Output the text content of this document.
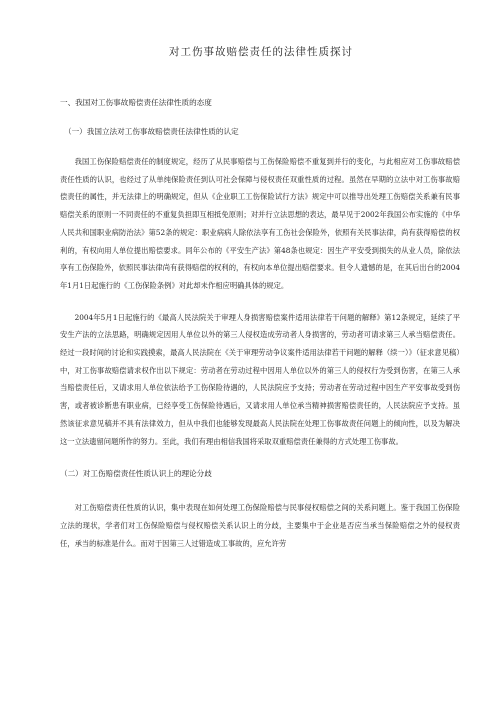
对工伤事故赔偿责任的法律性质探讨

一、我国对工伤事故赔偿责任法律性质的态度

（一）我国立法对工伤事故赔偿责任法律性质的认定

我国工伤保险赔偿责任的制度规定，经历了从民事赔偿与工伤保险赔偿不重复到并行的变化，与此相应对工伤事故赔偿责任性质的认识，也经过了从单纯保险责任到认可社会保障与侵权责任双重性质的过程。虽然在早期的立法中对工伤事故赔偿责任的属性，并无法律上的明确规定，但从《企业职工工伤保险试行方法》规定中可以推导出处理工伤赔偿关系兼有民事赔偿关系的原则一不同责任的不重复负担即互相抵免原则；对并行立法思想的表达，最早见于2002年我国公布实施的《中华人民共和国职业病防治法》第52条的规定：职业病病人除依法享有工伤社会保险外，依照有关民事法律，尚有获得赔偿的权利的，有权向用人单位提出赔偿要求。同年公布的《平安生产法》第48条也规定：因生产平安受到损失的从业人员，除依法享有工伤保险外，依照民事法律尚有获得赔偿的权利的，有权向本单位提出赔偿要求。但令人遗憾的是，在其后出台的2004年1月1日起施行的《工伤保险条例》对此却未作相应明确具体的规定。

2004年5月1日起施行的《最高人民法院关于审理人身损害赔偿案件适用法律若干问题的解释》第12条规定，延续了平安生产法的立法思路，明确规定因用人单位以外的第三人侵权造成劳动者人身损害的，劳动者可请求第三人承当赔偿责任。经过一段时间的讨论和实践摸索，最高人民法院在《关于审理劳动争议案件适用法律若干问题的解释（续一）》（征求意见稿）中，对工伤事故赔偿请求权作出以下规定：劳动者在劳动过程中因用人单位以外的第三人的侵权行为受到伤害，在第三人承当赔偿责任后，又请求用人单位依法给予工伤保险待遇的，人民法院应予支持；劳动者在劳动过程中因生产平安事故受到伤害，或者被诊断患有职业病，已经享受工伤保险待遇后，又请求用人单位承当精神损害赔偿责任的，人民法院应予支持。虽然该征求意见稿并不具有法律效力，但从中我们也能够发现最高人民法院在处理工伤事故责任问题上的倾向性，以及为解决这一立法遗留问题所作的努力。至此，我们有理由相信我国将采取双重赔偿责任兼得的方式处理工伤事故。

（二）对工伤赔偿责任性质认识上的理论分歧

对工伤赔偿责任性质的认识，集中表现在如何处理工伤保险赔偿与民事侵权赔偿之间的关系问题上。鉴于我国工伤保险立法的现状，学者们对工伤保险赔偿与侵权赔偿关系认识上的分歧，主要集中于企业是否应当承当保险赔偿之外的侵权责任，承当的标准是什么。而对于因第三人过错造成工事故的，应允许劳
